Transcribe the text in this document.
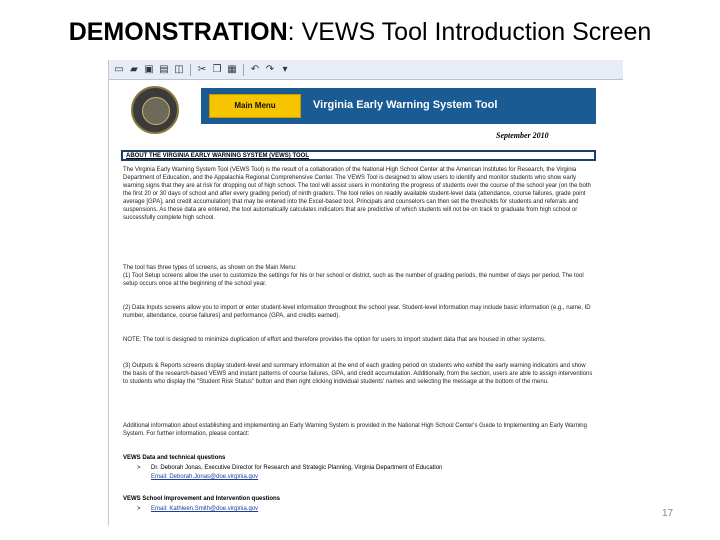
DEMONSTRATION: VEWS Tool Introduction Screen
▭ ▰ ▣ ▤ ◫ ✂ ❐ ▦ ↶ ↷ ▾
Main Menu	Virginia Early Warning System Tool
September 2010
ABOUT THE VIRGINIA EARLY WARNING SYSTEM (VEWS) TOOL

The Virginia Early Warning System Tool (VEWS Tool) is the result of a collaboration of the National High School Center at the American Institutes for Research, the Virginia Department of Education, and the Appalachia Regional Comprehensive Center. The VEWS Tool is designed to allow users to identify and monitor students who show early warning signs that they are at risk for dropping out of high school. The tool will assist users in monitoring the progress of students over the course of the school year (on the both the first 20 or 30 days of school and after every grading period) of ninth graders. The tool relies on readily available student-level data (attendance, course failures, grade point average [GPA], and credit accumulation) that may be entered into the Excel-based tool. Principals and counselors can then set the thresholds for students and referrals and suspensions. As these data are entered, the tool automatically calculates indicators that are predictive of which students will not be on track to graduate from high school or successfully complete high school.

The tool has three types of screens, as shown on the Main Menu:

(1) Tool Setup screens allow the user to customize the settings for his or her school or district, such as the number of grading periods, the number of days per period. The tool setup occurs once at the beginning of the school year.

(2) Data Inputs screens allow you to import or enter student-level information throughout the school year. Student-level information may include basic information (e.g., name, ID number, attendance, course failures) and performance (GPA, and credits earned).

NOTE: The tool is designed to minimize duplication of effort and therefore provides the option for users to import student data that are housed in other systems.

(3) Outputs & Reports screens display student-level and summary information at the end of each grading period on students who exhibit the early warning indicators and show the basis of the research-based VEWS and instant patterns of course failures, GPA, and credit accumulation. Additionally, from the section, users are able to assign interventions to students who display the "Student Risk Status" button and then right clicking individual students' names and selecting the message at the bottom of the menu.

Additional information about establishing and implementing an Early Warning System is provided in the National High School Center's Guide to Implementing an Early Warning System. For further information, please contact:

VEWS Data and technical questions

> Dr. Deborah Jonas, Executive Director for Research and Strategic Planning, Virginia Department of Education

Email: Deborah.Jonas@doe.virginia.gov

VEWS School Improvement and Intervention questions

> Email: Kathleen.Smith@doe.virginia.gov	17
